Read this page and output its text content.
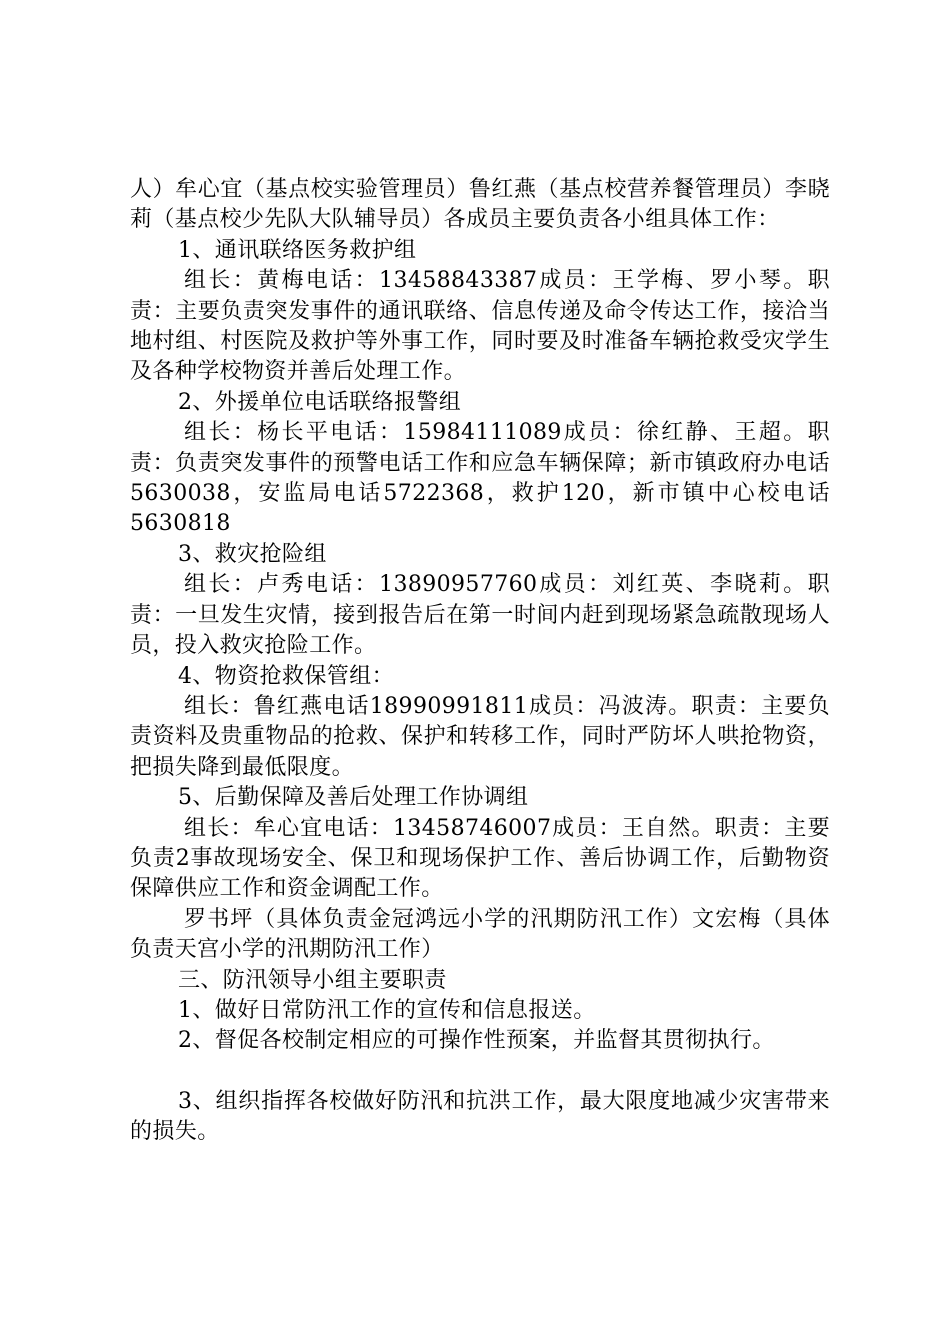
人）牟心宜（基点校实验管理员）鲁红燕（基点校营养餐管理员）李晓莉（基点校少先队大队辅导员）各成员主要负责各小组具体工作：

1、通讯联络医务救护组

组长：黄梅电话：13458843387成员：王学梅、罗小琴。职责：主要负责突发事件的通讯联络、信息传递及命令传达工作，接洽当地村组、村医院及救护等外事工作，同时要及时准备车辆抢救受灾学生及各种学校物资并善后处理工作。

2、外援单位电话联络报警组

组长：杨长平电话：15984111089成员：徐红静、王超。职责：负责突发事件的预警电话工作和应急车辆保障；新市镇政府办电话5630038，安监局电话5722368，救护120，新市镇中心校电话5630818

3、救灾抢险组

组长：卢秀电话：13890957760成员：刘红英、李晓莉。职责：一旦发生灾情，接到报告后在第一时间内赶到现场紧急疏散现场人员，投入救灾抢险工作。

4、物资抢救保管组：

组长：鲁红燕电话18990991811成员：冯波涛。职责：主要负责资料及贵重物品的抢救、保护和转移工作，同时严防坏人哄抢物资，把损失降到最低限度。

5、后勤保障及善后处理工作协调组

组长：牟心宜电话：13458746007成员：王自然。职责：主要负责2事故现场安全、保卫和现场保护工作、善后协调工作，后勤物资保障供应工作和资金调配工作。

罗书坪（具体负责金冠鸿远小学的汛期防汛工作）文宏梅（具体负责天宫小学的汛期防汛工作）

三、防汛领导小组主要职责

1、做好日常防汛工作的宣传和信息报送。

2、督促各校制定相应的可操作性预案，并监督其贯彻执行。

3、组织指挥各校做好防汛和抗洪工作，最大限度地减少灾害带来的损失。
